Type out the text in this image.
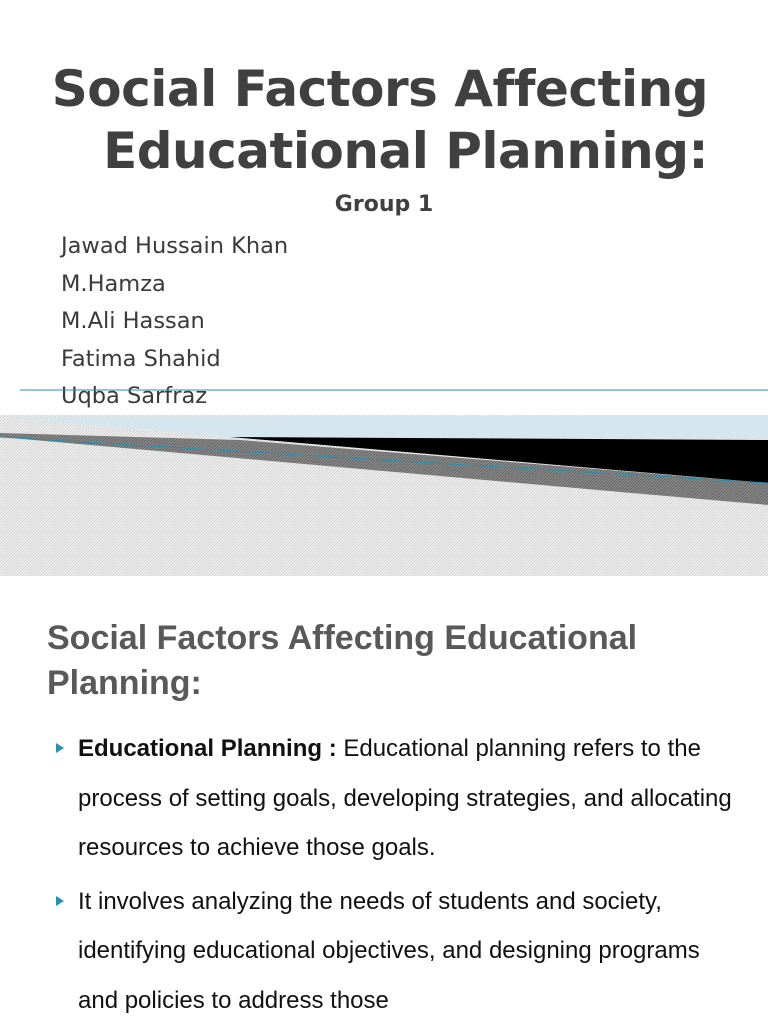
Social Factors Affecting
Educational Planning:
Group 1
Jawad Hussain Khan
M.Hamza
M.Ali Hassan
Fatima Shahid
Uqba Sarfraz
Social Factors Affecting Educational Planning:
Educational Planning : Educational planning refers to the process of setting goals, developing strategies, and allocating resources to achieve those goals.
It involves analyzing the needs of students and society, identifying educational objectives, and designing programs and policies to address those
